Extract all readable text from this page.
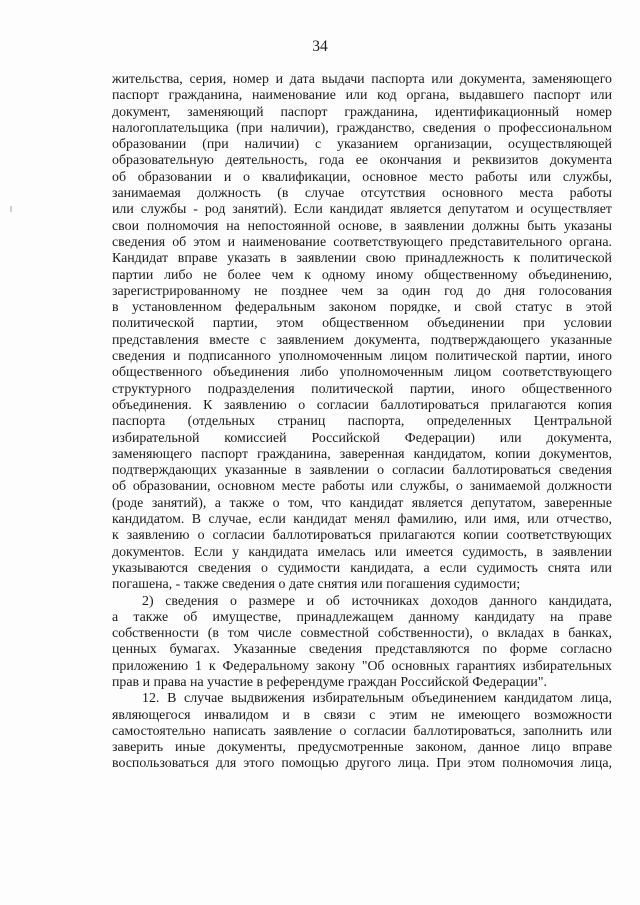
34
жительства, серия, номер и дата выдачи паспорта или документа, заменяющего
паспорт гражданина, наименование или код органа, выдавшего паспорт или
документ, заменяющий паспорт гражданина, идентификационный номер
налогоплательщика (при наличии), гражданство, сведения о профессиональном
образовании (при наличии) с указанием организации, осуществляющей
образовательную деятельность, года ее окончания и реквизитов документа
об образовании и о квалификации, основное место работы или службы,
занимаемая должность (в случае отсутствия основного места работы
или службы - род занятий). Если кандидат является депутатом и осуществляет
свои полномочия на непостоянной основе, в заявлении должны быть указаны
сведения об этом и наименование соответствующего представительного органа.
Кандидат вправе указать в заявлении свою принадлежность к политической
партии либо не более чем к одному иному общественному объединению,
зарегистрированному не позднее чем за один год до дня голосования
в установленном федеральным законом порядке, и свой статус в этой
политической партии, этом общественном объединении при условии
представления вместе с заявлением документа, подтверждающего указанные
сведения и подписанного уполномоченным лицом политической партии, иного
общественного объединения либо уполномоченным лицом соответствующего
структурного подразделения политической партии, иного общественного
объединения. К заявлению о согласии баллотироваться прилагаются копия
паспорта (отдельных страниц паспорта, определенных Центральной
избирательной комиссией Российской Федерации) или документа,
заменяющего паспорт гражданина, заверенная кандидатом, копии документов,
подтверждающих указанные в заявлении о согласии баллотироваться сведения
об образовании, основном месте работы или службы, о занимаемой должности
(роде занятий), а также о том, что кандидат является депутатом, заверенные
кандидатом. В случае, если кандидат менял фамилию, или имя, или отчество,
к заявлению о согласии баллотироваться прилагаются копии соответствующих
документов. Если у кандидата имелась или имеется судимость, в заявлении
указываются сведения о судимости кандидата, а если судимость снята или
погашена, - также сведения о дате снятия или погашения судимости;
2) сведения о размере и об источниках доходов данного кандидата,
а также об имуществе, принадлежащем данному кандидату на праве
собственности (в том числе совместной собственности), о вкладах в банках,
ценных бумагах. Указанные сведения представляются по форме согласно
приложению 1 к Федеральному закону "Об основных гарантиях избирательных
прав и права на участие в референдуме граждан Российской Федерации".
12. В случае выдвижения избирательным объединением кандидатом лица,
являющегося инвалидом и в связи с этим не имеющего возможности
самостоятельно написать заявление о согласии баллотироваться, заполнить или
заверить иные документы, предусмотренные законом, данное лицо вправе
воспользоваться для этого помощью другого лица. При этом полномочия лица,
